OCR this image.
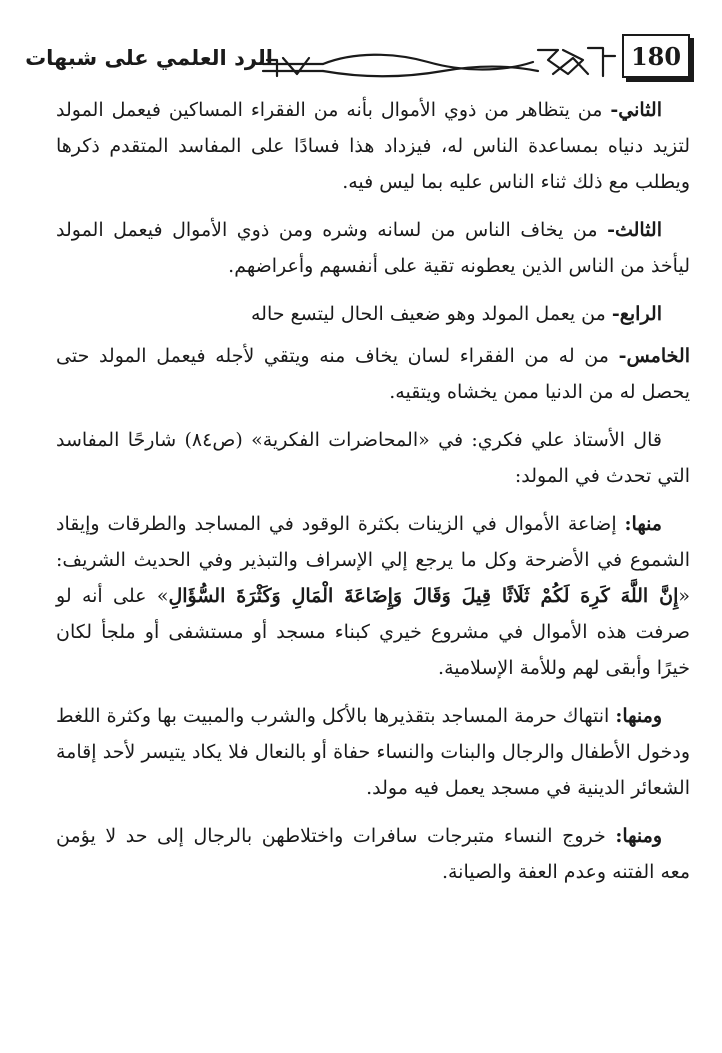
180
الرد العلمي على شبهات

الثاني- من يتظاهر من ذوي الأموال بأنه من الفقراء المساكين فيعمل المولد لتزيد دنياه بمساعدة الناس له، فيزداد هذا فسادًا على المفاسد المتقدم ذكرها ويطلب مع ذلك ثناء الناس عليه بما ليس فيه.

الثالث- من يخاف الناس من لسانه وشره ومن ذوي الأموال فيعمل المولد ليأخذ من الناس الذين يعطونه تقية على أنفسهم وأعراضهم.

الرابع- من يعمل المولد وهو ضعيف الحال ليتسع حاله

الخامس- من له من الفقراء لسان يخاف منه ويتقي لأجله فيعمل المولد حتى يحصل له من الدنيا ممن يخشاه ويتقيه.

قال الأستاذ علي فكري: في «المحاضرات الفكرية» (ص٨٤) شارحًا المفاسد التي تحدث في المولد:

منها: إضاعة الأموال في الزينات بكثرة الوقود في المساجد والطرقات وإيقاد الشموع في الأضرحة وكل ما يرجع إلي الإسراف والتبذير وفي الحديث الشريف: «إِنَّ اللَّهَ كَرِهَ لَكُمْ ثَلَاثًا قِيلَ وَقَالَ وَإِضَاعَةَ الْمَالِ وَكَثْرَةَ السُّؤَالِ» على أنه لو صرفت هذه الأموال في مشروع خيري كبناء مسجد أو مستشفى أو ملجأ لكان خيرًا وأبقى لهم وللأمة الإسلامية.

ومنها: انتهاك حرمة المساجد بتقذيرها بالأكل والشرب والمبيت بها وكثرة اللغط ودخول الأطفال والرجال والبنات والنساء حفاة أو بالنعال فلا يكاد يتيسر لأحد إقامة الشعائر الدينية في مسجد يعمل فيه مولد.

ومنها: خروج النساء متبرجات سافرات واختلاطهن بالرجال إلى حد لا يؤمن معه الفتنه وعدم العفة والصيانة.
